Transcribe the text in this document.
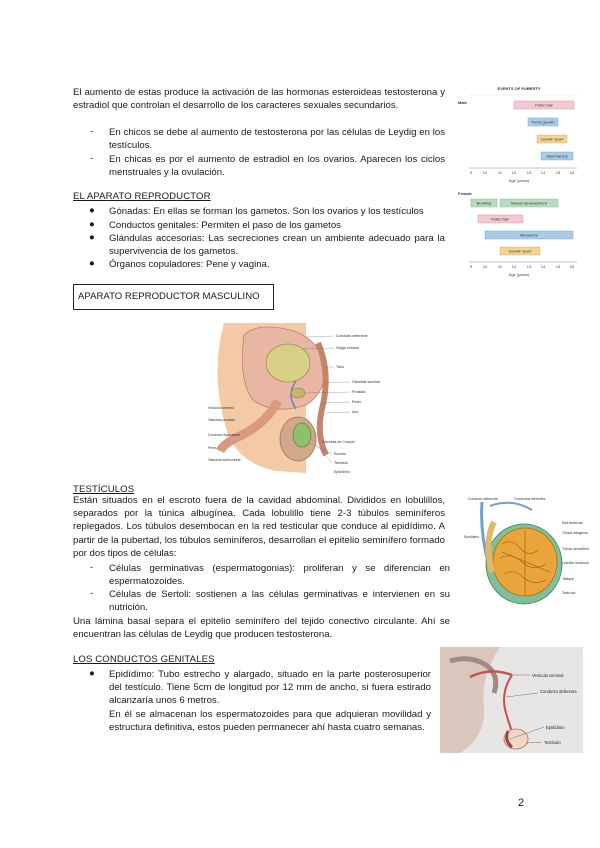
El aumento de estas produce la activación de las hormonas esteroideas testosterona y estradiol que controlan el desarrollo de los caracteres sexuales secundarios.
- En chicos se debe al aumento de testosterona por las células de Leydig en los testículos.
- En chicas es por el aumento de estradiol en los ovarios. Aparecen los ciclos menstruales y la ovulación.
EVENTS OF PUBERTY
Male	Pubic hair
Penis growth
Growth spurt
Spermarchy
9	10	11 12	13 14	15 16
Age (years)
Female
Budding	Breast development
Pubic hair
Menarche
Growth spurt
9	10	11 12	13 14	15 16
Age (years)
EL APARATO REPRODUCTOR
● Gónadas: En ellas se forman los gametos. Son los ovarios y los testículos
● Conductos genitales: Permiten el paso de los gametos
● Glándulas accesorias: Las secreciones crean un ambiente adecuado para la supervivencia de los gametos.
● Órganos copuladores: Pene y vagina.
APARATO REPRODUCTOR MASCULINO
Conducto deferente
Vejiga urinaria
Tubo
Glándula seminal
Próstata
Recto
Ano
Glándula de Cowper
Escroto
Testículo
Epidídimo
Vesícula seminal
Glándula próstata
Conducto eyaculador
Pene
Glándula bulbouretral
TESTÍCULOS
Están situados en el escroto fuera de la cavidad abdominal. Divididos en lobulillos, separados por la túnica albugínea. Cada lobulillo tiene 2-3 túbulos seminíferos replegados. Los túbulos desembocan en la red testicular que conduce al epidídimo. A partir de la pubertad, los túbulos seminíferos, desarrollan el epitelio seminífero formado por dos tipos de células:
- Células germinativas (espermatogonias): proliferan y se diferencian en espermatozoides.
- Células de Sertoli: sostienen a las células germinativas e intervienen en su nutrición.
Una lámina basal separa el epitelio seminífero del tejido conectivo circulante. Ahí se encuentran las células de Leydig que producen testosterona.
Conducto deferente	Conductos eferentes
Epidídimo
Red testicular
Túnica albugínea
Túbulo seminífero
Lobulillo testicular
Tabique
Testículo
LOS CONDUCTOS GENITALES
● Epidídimo: Tubo estrecho y alargado, situado en la parte posterosuperior del testículo. Tiene 5cm de longitud por 12 mm de ancho, si fuera estirado alcanzaría unos 6 metros.
En él se almacenan los espermatozoides para que adquieran movilidad y estructura definitiva, estos pueden permanecer ahí hasta cuatro semanas.
Vesícula seminal
Conducto deferente
Epidídimo
Testículo
2
